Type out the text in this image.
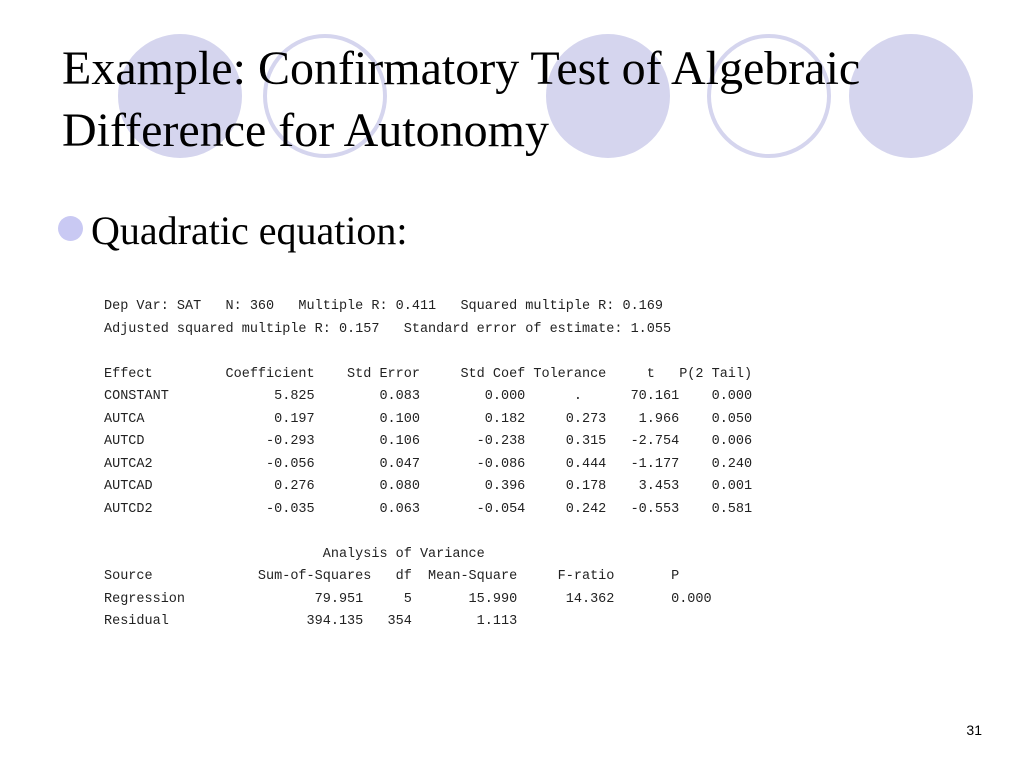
Example: Confirmatory Test of Algebraic Difference for Autonomy
Quadratic equation:
Dep Var: SAT   N: 360   Multiple R: 0.411   Squared multiple R: 0.169
Adjusted squared multiple R: 0.157   Standard error of estimate: 1.055
Effect         Coefficient    Std Error     Std Coef Tolerance     t   P(2 Tail)
CONSTANT             5.825        0.083        0.000      .      70.161    0.000
AUTCA                0.197        0.100        0.182     0.273    1.966    0.050
AUTCD               -0.293        0.106       -0.238     0.315   -2.754    0.006
AUTCA2              -0.056        0.047       -0.086     0.444   -1.177    0.240
AUTCAD               0.276        0.080        0.396     0.178    3.453    0.001
AUTCD2              -0.035        0.063       -0.054     0.242   -0.553    0.581
Analysis of Variance
Source             Sum-of-Squares   df  Mean-Square     F-ratio       P
Regression                79.951     5       15.990      14.362       0.000
Residual                 394.135   354        1.113
31
